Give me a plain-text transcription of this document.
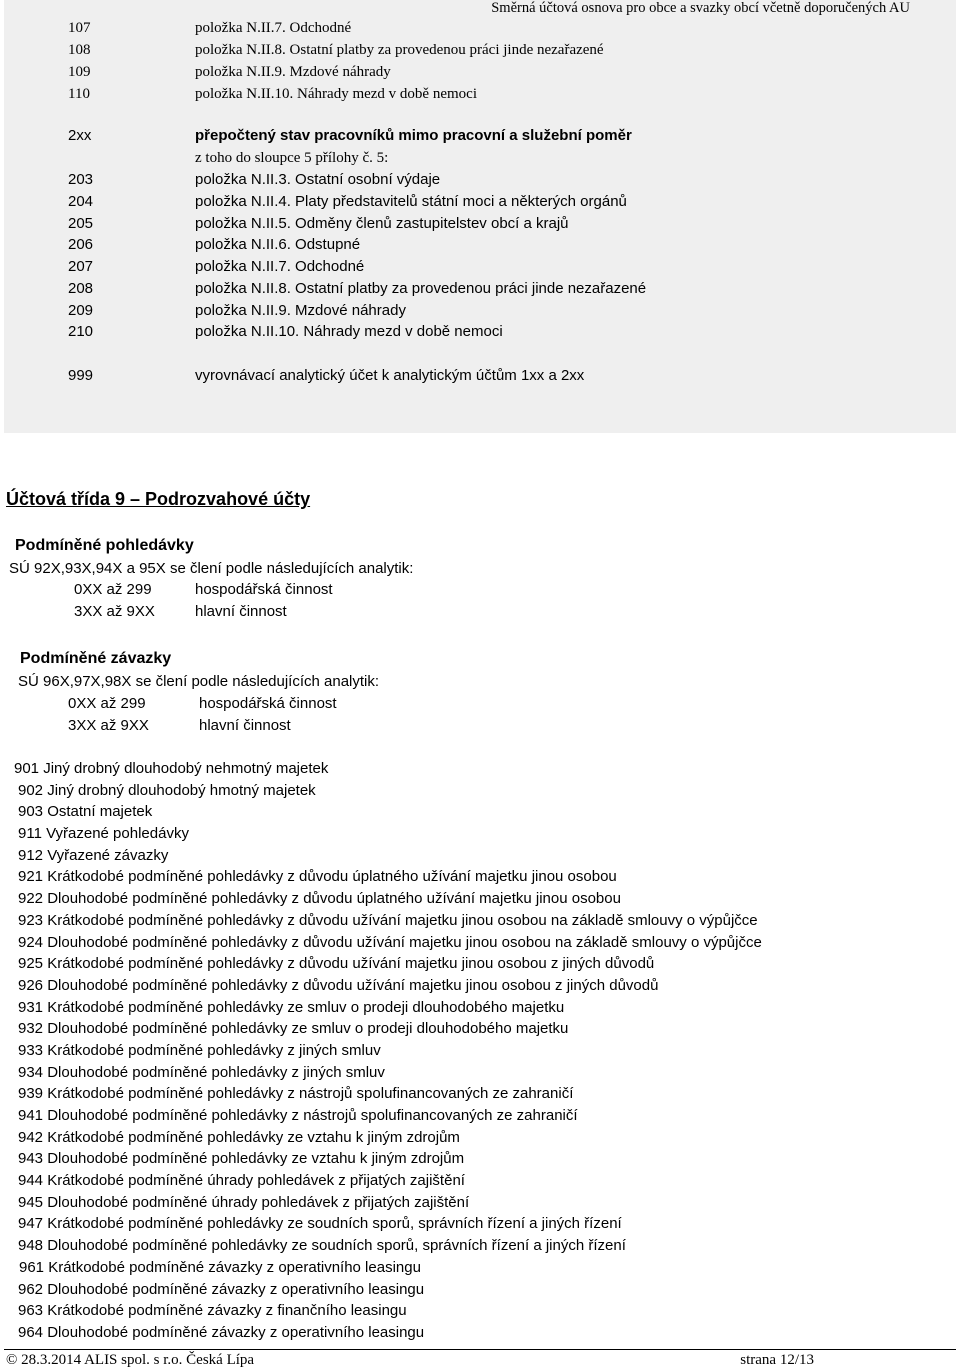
Směrná účtová osnova pro obce a svazky obcí včetně doporučených AU
107	položka N.II.7. Odchodné
108	položka N.II.8. Ostatní platby za provedenou práci jinde nezařazené
109	položka N.II.9. Mzdové náhrady
110	položka N.II.10. Náhrady mezd v době nemoci
2xx	přepočtený stav pracovníků mimo pracovní a služební poměr
z toho do sloupce 5 přílohy č. 5:
203	položka N.II.3. Ostatní osobní výdaje
204	položka N.II.4. Platy představitelů státní moci a některých orgánů
205	položka N.II.5. Odměny členů zastupitelstev obcí a krajů
206	položka N.II.6. Odstupné
207	položka N.II.7. Odchodné
208	položka N.II.8. Ostatní platby za provedenou práci jinde nezařazené
209	položka N.II.9. Mzdové náhrady
210	položka N.II.10. Náhrady mezd v době nemoci
999	vyrovnávací analytický účet k analytickým účtům 1xx a 2xx
Účtová třída 9 – Podrozvahové účty
Podmíněné pohledávky
SÚ 92X,93X,94X a 95X se člení podle následujících analytik:
0XX až 299	hospodářská činnost
3XX až 9XX	hlavní činnost
Podmíněné závazky
SÚ 96X,97X,98X se člení podle následujících analytik:
0XX až 299	hospodářská činnost
3XX až 9XX	hlavní činnost
901 Jiný drobný dlouhodobý nehmotný majetek
902 Jiný drobný dlouhodobý hmotný majetek
903 Ostatní majetek
911 Vyřazené pohledávky
912 Vyřazené závazky
921 Krátkodobé podmíněné pohledávky z důvodu úplatného užívání majetku jinou osobou
922 Dlouhodobé podmíněné pohledávky z důvodu úplatného užívání majetku jinou osobou
923 Krátkodobé podmíněné pohledávky z důvodu užívání majetku jinou osobou na základě smlouvy o výpůjčce
924 Dlouhodobé podmíněné pohledávky z důvodu užívání majetku jinou osobou na základě smlouvy o výpůjčce
925 Krátkodobé podmíněné pohledávky z důvodu užívání majetku jinou osobou z jiných důvodů
926 Dlouhodobé podmíněné pohledávky z důvodu užívání majetku jinou osobou z jiných důvodů
931 Krátkodobé podmíněné pohledávky ze smluv o prodeji dlouhodobého majetku
932 Dlouhodobé podmíněné pohledávky ze smluv o prodeji dlouhodobého majetku
933 Krátkodobé podmíněné pohledávky z jiných smluv
934 Dlouhodobé podmíněné pohledávky z jiných smluv
939 Krátkodobé podmíněné pohledávky z nástrojů spolufinancovaných ze zahraničí
941 Dlouhodobé podmíněné pohledávky z nástrojů spolufinancovaných ze zahraničí
942 Krátkodobé podmíněné pohledávky ze vztahu k jiným zdrojům
943 Dlouhodobé podmíněné pohledávky ze vztahu k jiným zdrojům
944 Krátkodobé podmíněné úhrady pohledávek z přijatých zajištění
945 Dlouhodobé podmíněné úhrady pohledávek z přijatých zajištění
947 Krátkodobé podmíněné pohledávky ze soudních sporů, správních řízení a jiných řízení
948 Dlouhodobé podmíněné pohledávky ze soudních sporů, správních řízení a jiných řízení
961 Krátkodobé podmíněné závazky z operativního leasingu
962 Dlouhodobé podmíněné závazky z operativního leasingu
963 Krátkodobé podmíněné závazky z finančního leasingu
964 Dlouhodobé podmíněné závazky z operativního leasingu
© 28.3.2014 ALIS spol. s r.o. Česká Lípa	strana 12/13
